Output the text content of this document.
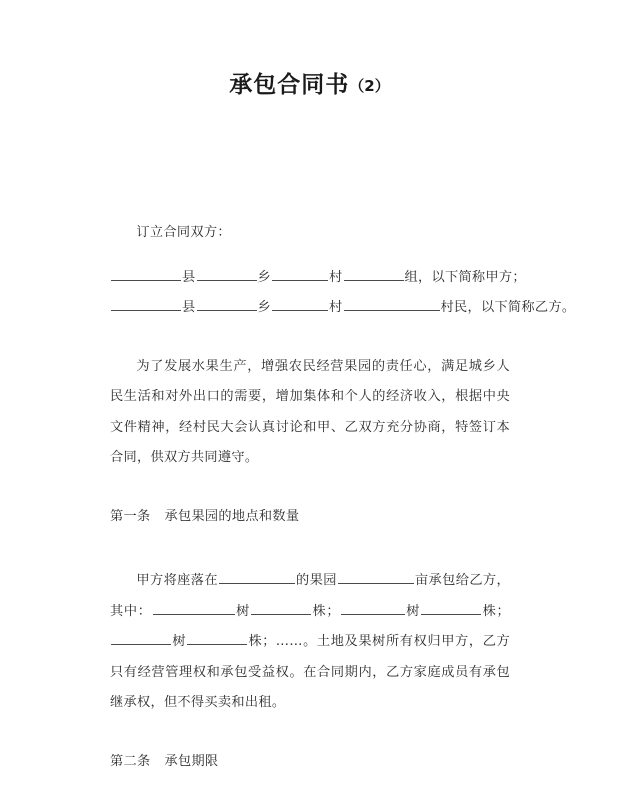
承包合同书（2）

订立合同双方：

县	乡	村	组，以下简称甲方；

县	乡	村	村民，以下简称乙方。

为了发展水果生产，增强农民经营果园的责任心，满足城乡人民生活和对外出口的需要，增加集体和个人的经济收入，根据中央文件精神，经村民大会认真讨论和甲、乙双方充分协商，特签订本合同，供双方共同遵守。

第一条 承包果园的地点和数量

甲方将座落在	的果园	亩承包给乙方，其中：	树	株；	树	株；树	株；……。土地及果树所有权归甲方，乙方只有经营管理权和承包受益权。在合同期内，乙方家庭成员有承包继承权，但不得买卖和出租。

第二条 承包期限
